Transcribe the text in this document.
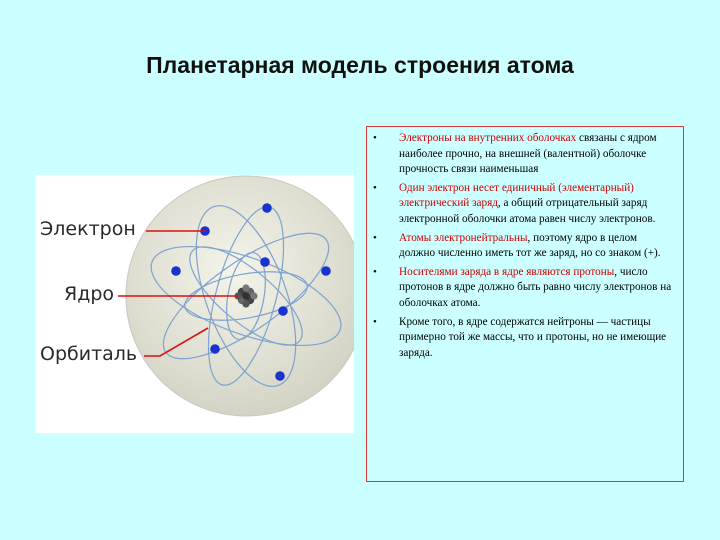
Планетарная модель строения атома
Электрон
Ядро
Орбиталь
• Электроны на внутренних оболочках связаны с ядром наиболее прочно, на внешней (валентной) оболочке прочность связи наименьшая
• Один электрон несет единичный (элементарный) электрический заряд, а общий отрицательный заряд электронной оболочки атома равен числу электронов.
• Атомы электронейтральны, поэтому ядро в целом должно численно иметь тот же заряд, но со знаком (+).
• Носителями заряда в ядре являются протоны, число протонов в ядре должно быть равно числу электронов на оболочках атома.
• Кроме того, в ядре содержатся нейтроны — частицы примерно той же массы, что и протоны, но не имеющие заряда.
